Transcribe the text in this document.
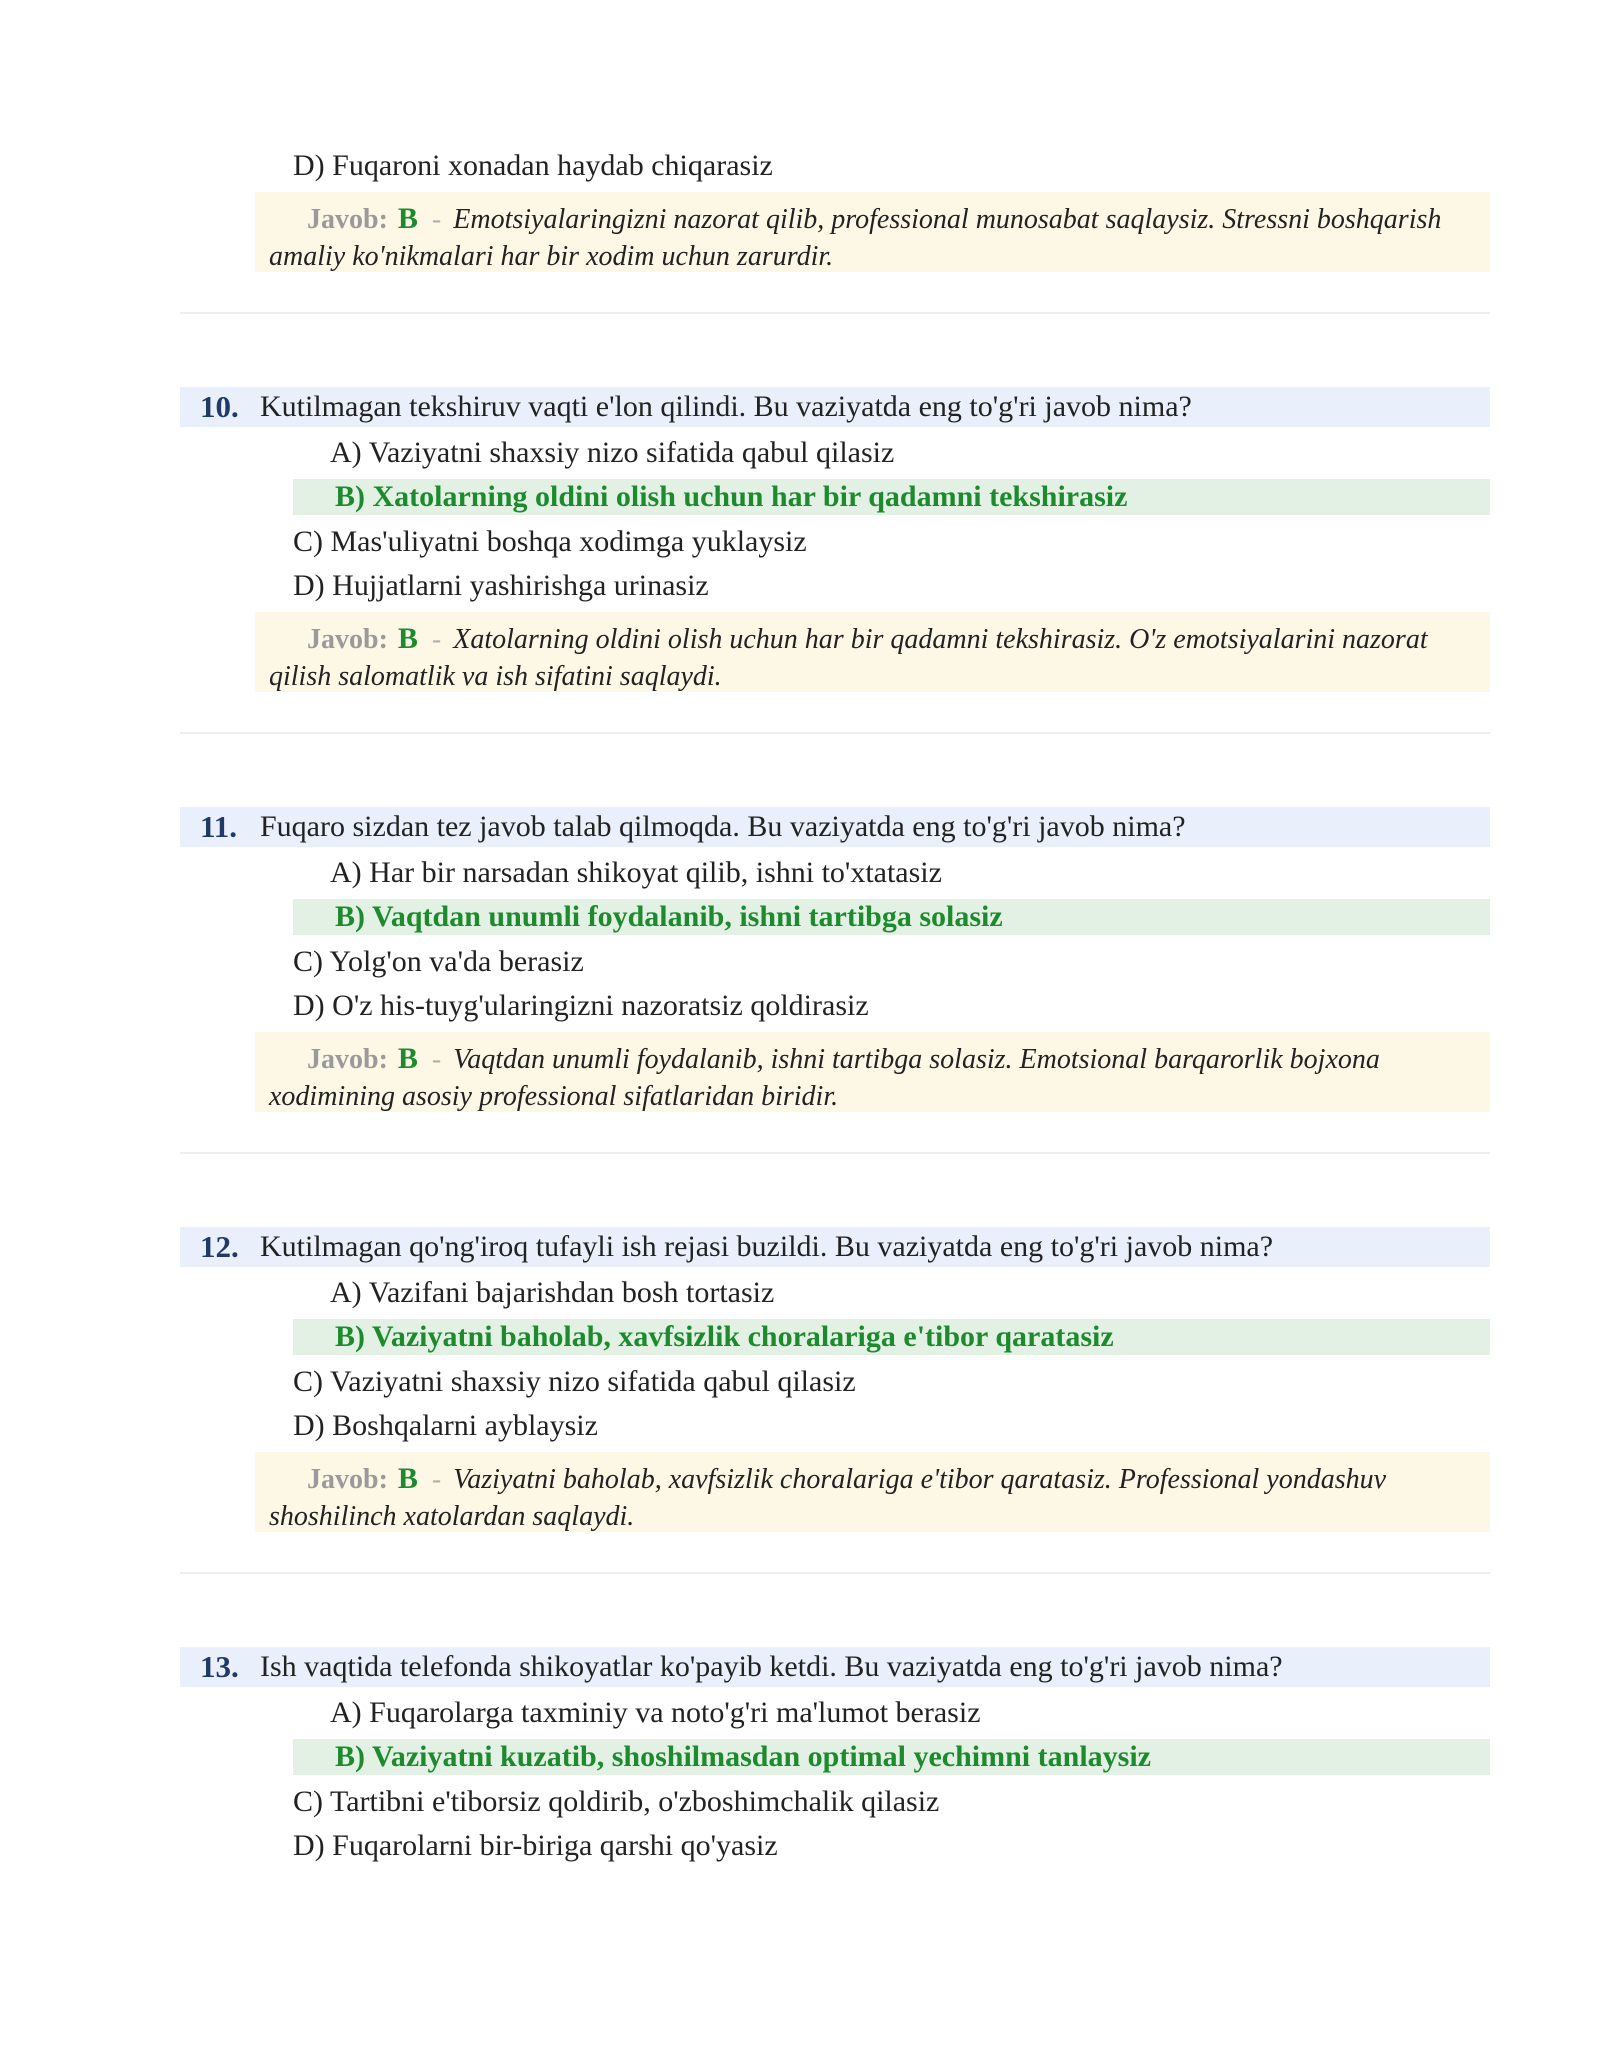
D) Fuqaroni xonadan haydab chiqarasiz
Javob: B - Emotsiyalaringizni nazorat qilib, professional munosabat saqlaysiz. Stressni boshqarish amaliy ko'nikmalari har bir xodim uchun zarurdir.
10. Kutilmagan tekshiruv vaqti e'lon qilindi. Bu vaziyatda eng to'g'ri javob nima?
A) Vaziyatni shaxsiy nizo sifatida qabul qilasiz
B) Xatolarning oldini olish uchun har bir qadamni tekshirasiz
C) Mas'uliyatni boshqa xodimga yuklaysiz
D) Hujjatlarni yashirishga urinasiz
Javob: B - Xatolarning oldini olish uchun har bir qadamni tekshirasiz. O'z emotsiyalarini nazorat qilish salomatlik va ish sifatini saqlaydi.
11. Fuqaro sizdan tez javob talab qilmoqda. Bu vaziyatda eng to'g'ri javob nima?
A) Har bir narsadan shikoyat qilib, ishni to'xtatasiz
B) Vaqtdan unumli foydalanib, ishni tartibga solasiz
C) Yolg'on va'da berasiz
D) O'z his-tuyg'ularingizni nazoratsiz qoldirasiz
Javob: B - Vaqtdan unumli foydalanib, ishni tartibga solasiz. Emotsional barqarorlik bojxona xodimining asosiy professional sifatlaridan biridir.
12. Kutilmagan qo'ng'iroq tufayli ish rejasi buzildi. Bu vaziyatda eng to'g'ri javob nima?
A) Vazifani bajarishdan bosh tortasiz
B) Vaziyatni baholab, xavfsizlik choralariga e'tibor qaratasiz
C) Vaziyatni shaxsiy nizo sifatida qabul qilasiz
D) Boshqalarni ayblaysiz
Javob: B - Vaziyatni baholab, xavfsizlik choralariga e'tibor qaratasiz. Professional yondashuv shoshilinch xatolardan saqlaydi.
13. Ish vaqtida telefonda shikoyatlar ko'payib ketdi. Bu vaziyatda eng to'g'ri javob nima?
A) Fuqarolarga taxminiy va noto'g'ri ma'lumot berasiz
B) Vaziyatni kuzatib, shoshilmasdan optimal yechimni tanlaysiz
C) Tartibni e'tiborsiz qoldirib, o'zboshimchalik qilasiz
D) Fuqarolarni bir-biriga qarshi qo'yasiz
